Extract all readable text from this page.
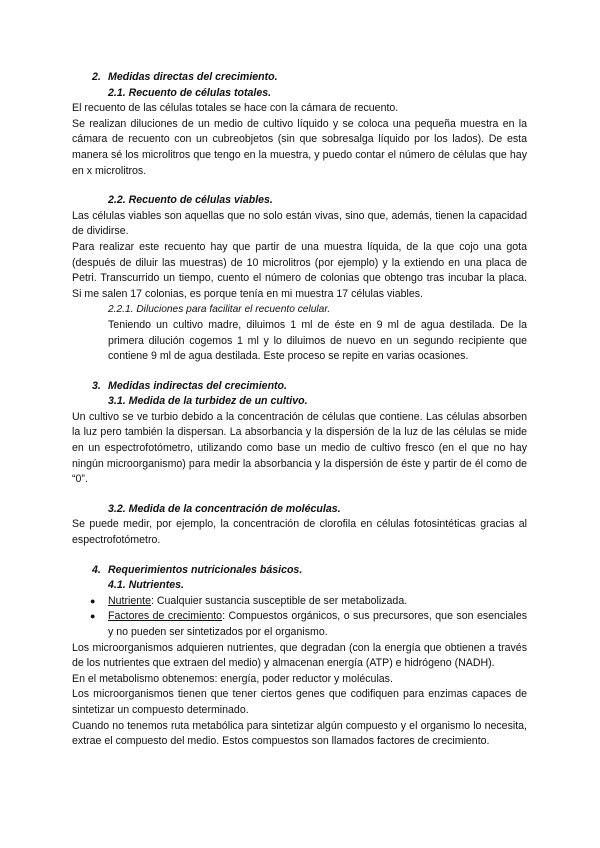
2. Medidas directas del crecimiento.
2.1. Recuento de células totales.

El recuento de las células totales se hace con la cámara de recuento.

Se realizan diluciones de un medio de cultivo líquido y se coloca una pequeña muestra en la cámara de recuento con un cubreobjetos (sin que sobresalga líquido por los lados). De esta manera sé los microlitros que tengo en la muestra, y puedo contar el número de células que hay en x microlitros.

2.2. Recuento de células viables.

Las células viables son aquellas que no solo están vivas, sino que, además, tienen la capacidad de dividirse.

Para realizar este recuento hay que partir de una muestra líquida, de la que cojo una gota (después de diluir las muestras) de 10 microlitros (por ejemplo) y la extiendo en una placa de Petri. Transcurrido un tiempo, cuento el número de colonias que obtengo tras incubar la placa. Si me salen 17 colonias, es porque tenía en mi muestra 17 células viables.

2.2.1. Diluciones para facilitar el recuento celular.

Teniendo un cultivo madre, diluimos 1 ml de éste en 9 ml de agua destilada. De la primera dilución cogemos 1 ml y lo diluimos de nuevo en un segundo recipiente que contiene 9 ml de agua destilada. Este proceso se repite en varias ocasiones.

3. Medidas indirectas del crecimiento.
3.1. Medida de la turbidez de un cultivo.

Un cultivo se ve turbio debido a la concentración de células que contiene. Las células absorben la luz pero también la dispersan. La absorbancia y la dispersión de la luz de las células se mide en un espectrofotómetro, utilizando como base un medio de cultivo fresco (en el que no hay ningún microorganismo) para medir la absorbancia y la dispersión de éste y partir de él como de “0”.

3.2. Medida de la concentración de moléculas.

Se puede medir, por ejemplo, la concentración de clorofila en células fotosintéticas gracias al espectrofotómetro.

4. Requerimientos nutricionales básicos.
4.1. Nutrientes.
● Nutriente: Cualquier sustancia susceptible de ser metabolizada.
● Factores de crecimiento: Compuestos orgánicos, o sus precursores, que son esenciales y no pueden ser sintetizados por el organismo.

Los microorganismos adquieren nutrientes, que degradan (con la energía que obtienen a través de los nutrientes que extraen del medio) y almacenan energía (ATP) e hidrógeno (NADH).

En el metabolismo obtenemos: energía, poder reductor y moléculas.

Los microorganismos tienen que tener ciertos genes que codifiquen para enzimas capaces de sintetizar un compuesto determinado.

Cuando no tenemos ruta metabólica para sintetizar algún compuesto y el organismo lo necesita, extrae el compuesto del medio. Estos compuestos son llamados factores de crecimiento.
